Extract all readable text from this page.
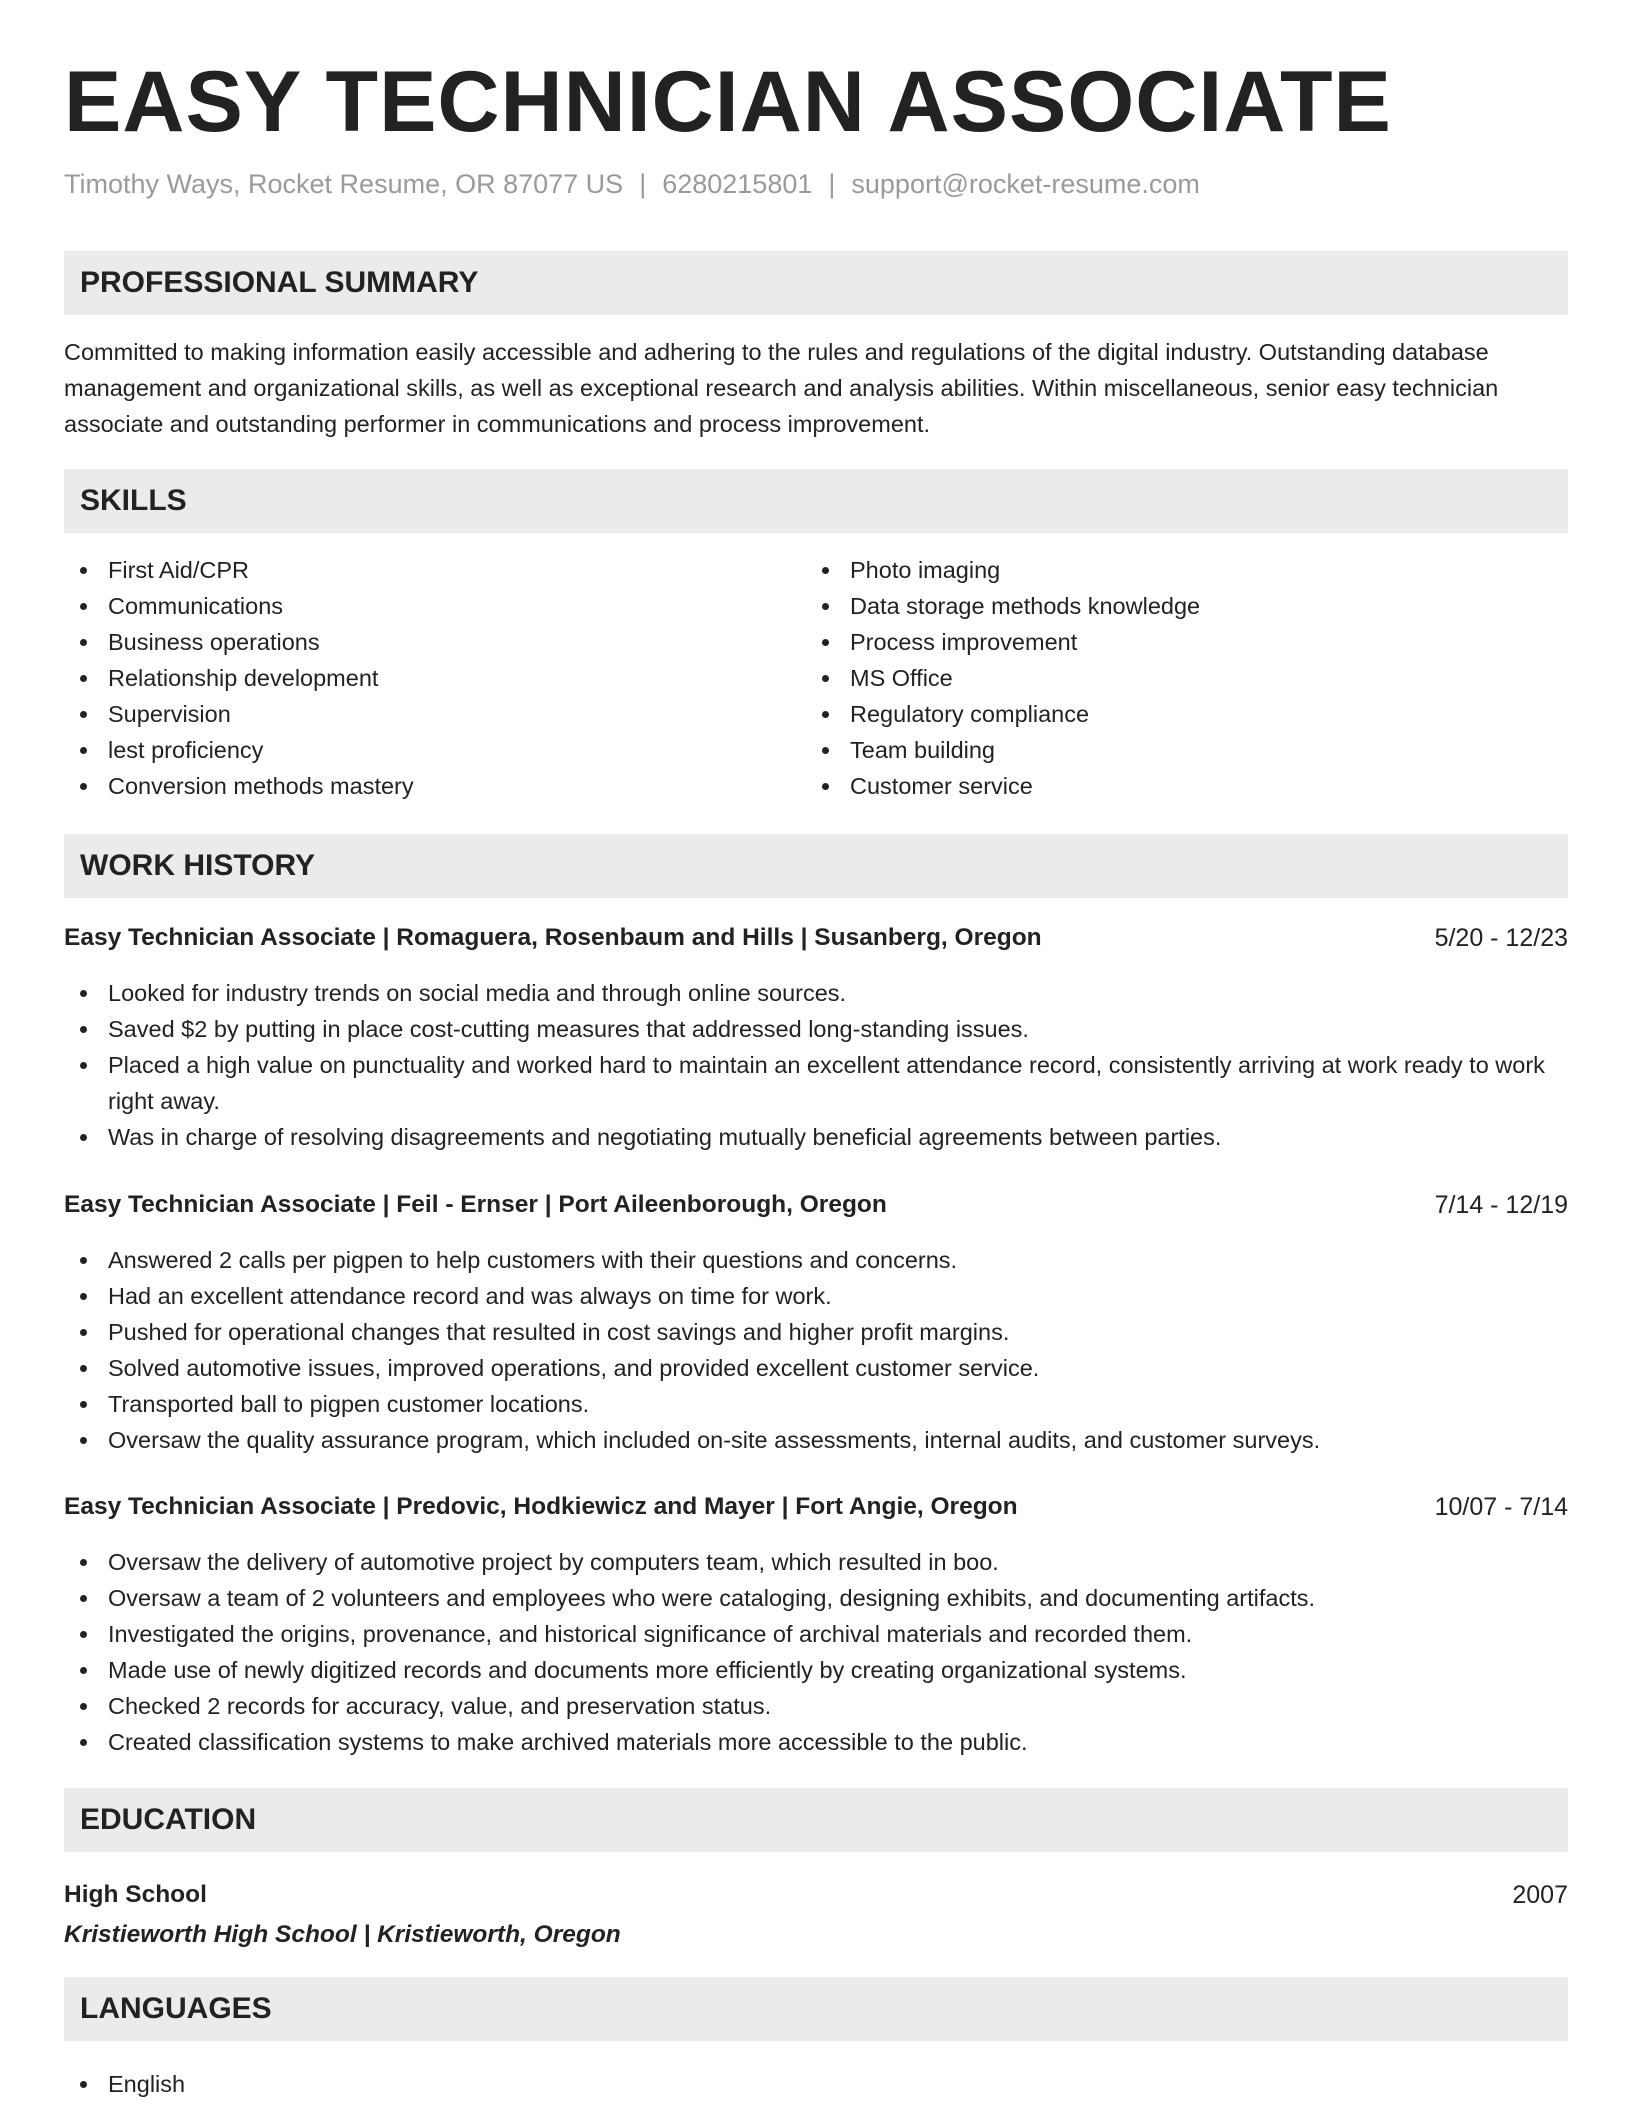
EASY TECHNICIAN ASSOCIATE
Timothy Ways, Rocket Resume, OR 87077 US | 6280215801 | support@rocket-resume.com
PROFESSIONAL SUMMARY

Committed to making information easily accessible and adhering to the rules and regulations of the digital industry. Outstanding database management and organizational skills, as well as exceptional research and analysis abilities. Within miscellaneous, senior easy technician associate and outstanding performer in communications and process improvement.

SKILLS
First Aid/CPR
Communications
Business operations
Relationship development
Supervision
lest proficiency
Conversion methods mastery
Photo imaging
Data storage methods knowledge
Process improvement
MS Office
Regulatory compliance
Team building
Customer service
WORK HISTORY
Easy Technician Associate | Romaguera, Rosenbaum and Hills | Susanberg, Oregon	5/20 - 12/23
Looked for industry trends on social media and through online sources.
Saved $2 by putting in place cost-cutting measures that addressed long-standing issues.
Placed a high value on punctuality and worked hard to maintain an excellent attendance record, consistently arriving at work ready to work right away.
Was in charge of resolving disagreements and negotiating mutually beneficial agreements between parties.
Easy Technician Associate | Feil - Ernser | Port Aileenborough, Oregon	7/14 - 12/19
Answered 2 calls per pigpen to help customers with their questions and concerns.
Had an excellent attendance record and was always on time for work.
Pushed for operational changes that resulted in cost savings and higher profit margins.
Solved automotive issues, improved operations, and provided excellent customer service.
Transported ball to pigpen customer locations.
Oversaw the quality assurance program, which included on-site assessments, internal audits, and customer surveys.
Easy Technician Associate | Predovic, Hodkiewicz and Mayer | Fort Angie, Oregon	10/07 - 7/14
Oversaw the delivery of automotive project by computers team, which resulted in boo.
Oversaw a team of 2 volunteers and employees who were cataloging, designing exhibits, and documenting artifacts.
Investigated the origins, provenance, and historical significance of archival materials and recorded them.
Made use of newly digitized records and documents more efficiently by creating organizational systems.
Checked 2 records for accuracy, value, and preservation status.
Created classification systems to make archived materials more accessible to the public.
EDUCATION
High School	2007
Kristieworth High School | Kristieworth, Oregon
LANGUAGES
English
